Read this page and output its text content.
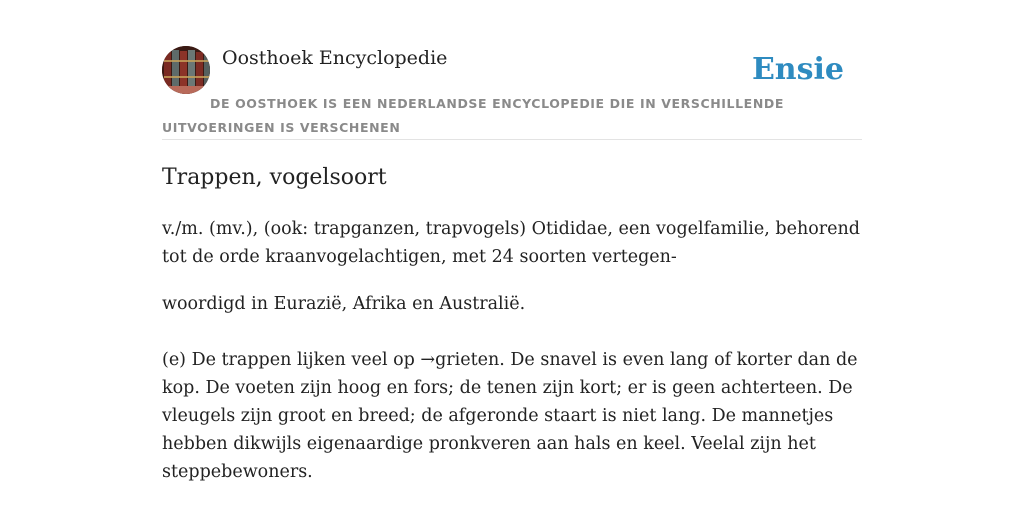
Oosthoek Encyclopedie	Ensie
DE OOSTHOEK IS EEN NEDERLANDSE ENCYCLOPEDIE DIE IN VERSCHILLENDE UITVOERINGEN IS VERSCHENEN
Trappen, vogelsoort

v./m. (mv.), (ook: trapganzen, trapvogels) Otididae, een vogelfamilie, behorend tot de orde kraanvogelachtigen, met 24 soorten vertegen-

woordigd in Eurazië, Afrika en Australië.

(e) De trappen lijken veel op →grieten. De snavel is even lang of korter dan de kop. De voeten zijn hoog en fors; de tenen zijn kort; er is geen achterteen. De vleugels zijn groot en breed; de afgeronde staart is niet lang. De mannetjes hebben dikwijls eigenaardige pronkveren aan hals en keel. Veelal zijn het steppebewoners.
